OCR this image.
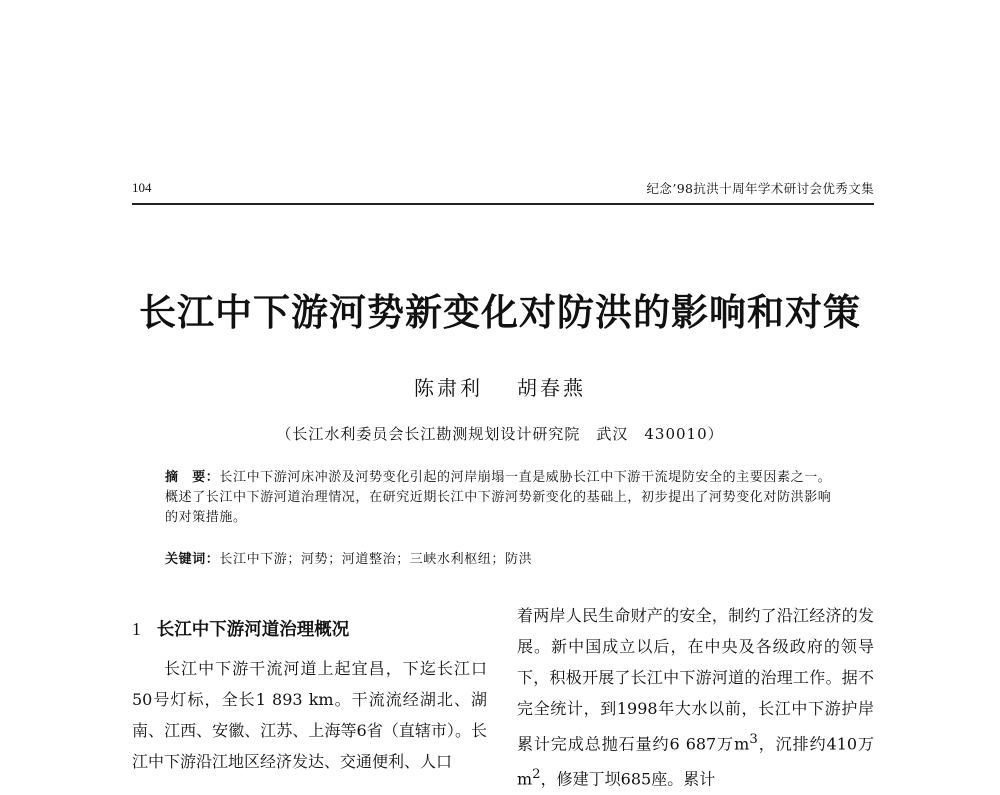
104	纪念’98抗洪十周年学术研讨会优秀文集
长江中下游河势新变化对防洪的影响和对策
陈肃利 胡春燕
（长江水利委员会长江勘测规划设计研究院　武汉　430010）
摘　要：长江中下游河床冲淤及河势变化引起的河岸崩塌一直是威胁长江中下游干流堤防安全的主要因素之一。概述了长江中下游河道治理情况，在研究近期长江中下游河势新变化的基础上，初步提出了河势变化对防洪影响的对策措施。
关键词：长江中下游；河势；河道整治；三峡水利枢纽；防洪
1 长江中下游河道治理概况

长江中下游干流河道上起宜昌，下迄长江口50号灯标，全长1 893 km。干流流经湖北、湖南、江西、安徽、江苏、上海等6省（直辖市）。长江中下游沿江地区经济发达、交通便利、人口

着两岸人民生命财产的安全，制约了沿江经济的发展。新中国成立以后，在中央及各级政府的领导下，积极开展了长江中下游河道的治理工作。据不完全统计，到1998年大水以前，长江中下游护岸累计完成总抛石量约6 687万$m^3$，沉排约410万$m^2$，修建丁坝685座。累计
